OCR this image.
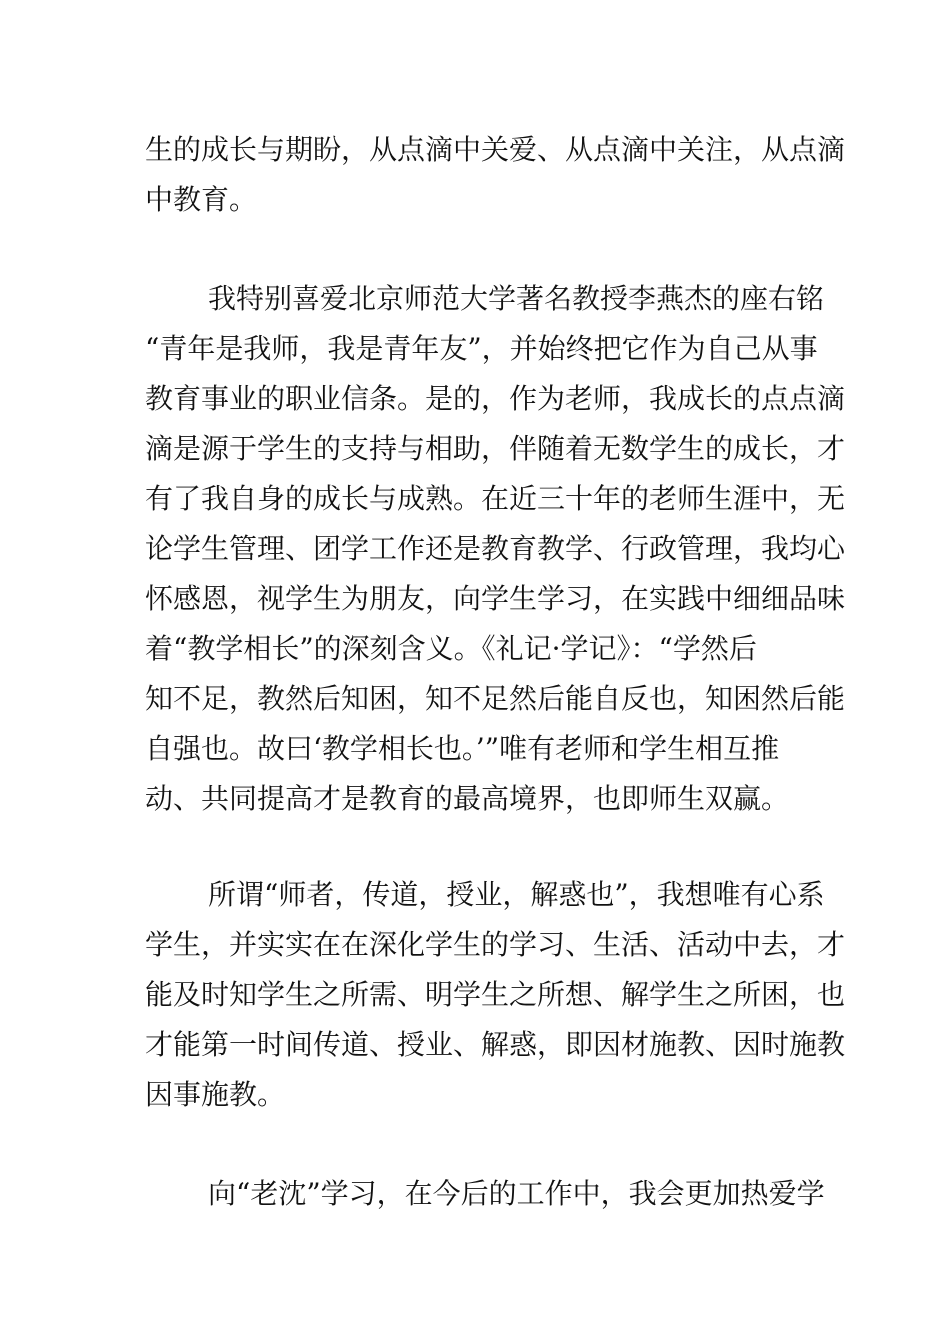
生的成长与期盼，从点滴中关爱、从点滴中关注，从点滴
中教育。
我特别喜爱北京师范大学著名教授李燕杰的座右铭
“青年是我师，我是青年友”，并始终把它作为自己从事
教育事业的职业信条。是的，作为老师，我成长的点点滴
滴是源于学生的支持与相助，伴随着无数学生的成长，才
有了我自身的成长与成熟。在近三十年的老师生涯中，无
论学生管理、团学工作还是教育教学、行政管理，我均心
怀感恩，视学生为朋友，向学生学习，在实践中细细品味
着“教学相长”的深刻含义。《礼记·学记》：“学然后
知不足，教然后知困，知不足然后能自反也，知困然后能
自强也。故曰‘教学相长也。’”唯有老师和学生相互推
动、共同提高才是教育的最高境界，也即师生双赢。
所谓“师者，传道，授业，解惑也”，我想唯有心系
学生，并实实在在深化学生的学习、生活、活动中去，才
能及时知学生之所需、明学生之所想、解学生之所困，也
才能第一时间传道、授业、解惑，即因材施教、因时施教
因事施教。
向“老沈”学习，在今后的工作中，我会更加热爱学
